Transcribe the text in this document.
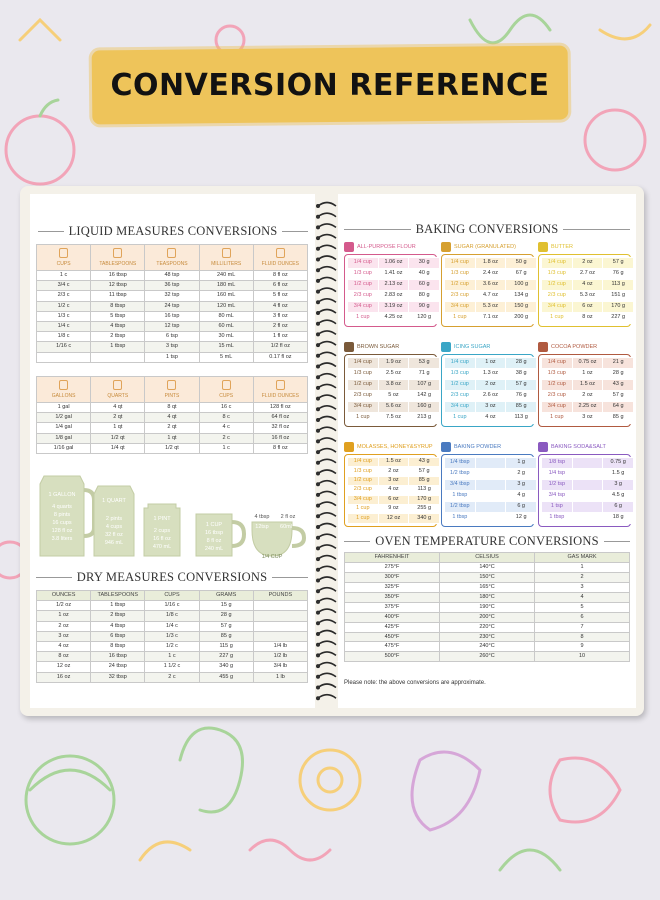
CONVERSION REFERENCE
LIQUID MEASURES CONVERSIONS
CUPS	TABLESPOONS	TEASPOONS	MILLILITERS	FLUID OUNCES
1 c	16 tbsp	48 tsp	240 mL	8 fl oz
3/4 c	12 tbsp	36 tsp	180 mL	6 fl oz
2/3 c	11 tbsp	32 tsp	160 mL	5 fl oz
1/2 c	8 tbsp	24 tsp	120 mL	4 fl oz
1/3 c	5 tbsp	16 tsp	80 mL	3 fl oz
1/4 c	4 tbsp	12 tsp	60 mL	2 fl oz
1/8 c	2 tbsp	6 tsp	30 mL	1 fl oz
1/16 c	1 tbsp	3 tsp	15 mL	1/2 fl oz
		1 tsp	5 mL	0.17 fl oz
GALLONS	QUARTS	PINTS	CUPS	FLUID OUNCES
1 gal	4 qt	8 qt	16 c	128 fl oz
1/2 gal	2 qt	4 qt	8 c	64 fl oz
1/4 gal	1 qt	2 qt	4 c	32 fl oz
1/8 gal	1/2 qt	1 qt	2 c	16 fl oz
1/16 gal	1/4 qt	1/2 qt	1 c	8 fl oz
1 GALLON
4 quarts
8 pints
16 cups
128 fl oz
3.8 liters
1 QUART
2 pints
4 cups
32 fl oz
946 mL
1 PINT
2 cups
16 fl oz
470 mL
1 CUP
16 tbsp
8 fl oz
240 mL
4 tbsp 2 fl oz
12tsp 60ml
1/4 CUP
DRY MEASURES CONVERSIONS
OUNCES	TABLESPOONS	CUPS	GRAMS	POUNDS
1/2 oz	1 tbsp	1/16 c	15 g	
1 oz	2 tbsp	1/8 c	28 g	
2 oz	4 tbsp	1/4 c	57 g	
3 oz	6 tbsp	1/3 c	85 g	
4 oz	8 tbsp	1/2 c	115 g	1/4 lb
8 oz	16 tbsp	1 c	227 g	1/2 lb
12 oz	24 tbsp	1 1/2 c	340 g	3/4 lb
16 oz	32 tbsp	2 c	455 g	1 lb
BAKING CONVERSIONS
ALL-PURPOSE FLOUR
1/4 cup	1.06 oz	30 g
1/3 cup	1.41 oz	40 g
1/2 cup	2.13 oz	60 g
2/3 cup	2.83 oz	80 g
3/4 cup	3.19 oz	90 g
1 cup	4.25 oz	120 g
SUGAR (GRANULATED)
1/4 cup	1.8 oz	50 g
1/3 cup	2.4 oz	67 g
1/2 cup	3.6 oz	100 g
2/3 cup	4.7 oz	134 g
3/4 cup	5.3 oz	150 g
1 cup	7.1 oz	200 g
BUTTER
1/4 cup	2 oz	57 g
1/3 cup	2.7 oz	76 g
1/2 cup	4 oz	113 g
2/3 cup	5.3 oz	151 g
3/4 cup	6 oz	170 g
1 cup	8 oz	227 g
BROWN SUGAR
1/4 cup	1.9 oz	53 g
1/3 cup	2.5 oz	71 g
1/2 cup	3.8 oz	107 g
2/3 cup	5 oz	142 g
3/4 cup	5.6 oz	160 g
1 cup	7.5 oz	213 g
ICING SUGAR
1/4 cup	1 oz	28 g
1/3 cup	1.3 oz	38 g
1/2 cup	2 oz	57 g
2/3 cup	2.6 oz	76 g
3/4 cup	3 oz	85 g
1 cup	4 oz	113 g
COCOA POWDER
1/4 cup	0.75 oz	21 g
1/3 cup	1 oz	28 g
1/2 cup	1.5 oz	43 g
2/3 cup	2 oz	57 g
3/4 cup	2.25 oz	64 g
1 cup	3 oz	85 g
MOLASSES, HONEY&SYRUP
1/4 cup	1.5 oz	43 g
1/3 cup	2 oz	57 g
1/2 cup	3 oz	85 g
2/3 cup	4 oz	113 g
3/4 cup	6 oz	170 g
1 cup	9 oz	255 g
1 cup	12 oz	340 g
BAKING POWDER
1/4 tbsp		1 g
1/2 tbsp		2 g
3/4 tbsp		3 g
1 tbsp		4 g
1/2 tbsp		6 g
1 tbsp		12 g
BAKING SODA&SALT
1/8 tsp		0.75 g
1/4 tsp		1.5 g
1/2 tsp		3 g
3/4 tsp		4.5 g
1 tsp		6 g
1 tbsp		18 g
OVEN TEMPERATURE CONVERSIONS
FAHRENHEIT	CELSIUS	GAS MARK
275°F	140°C	1
300°F	150°C	2
325°F	165°C	3
350°F	180°C	4
375°F	190°C	5
400°F	200°C	6
425°F	220°C	7
450°F	230°C	8
475°F	240°C	9
500°F	260°C	10
Please note: the above conversions are approximate.
